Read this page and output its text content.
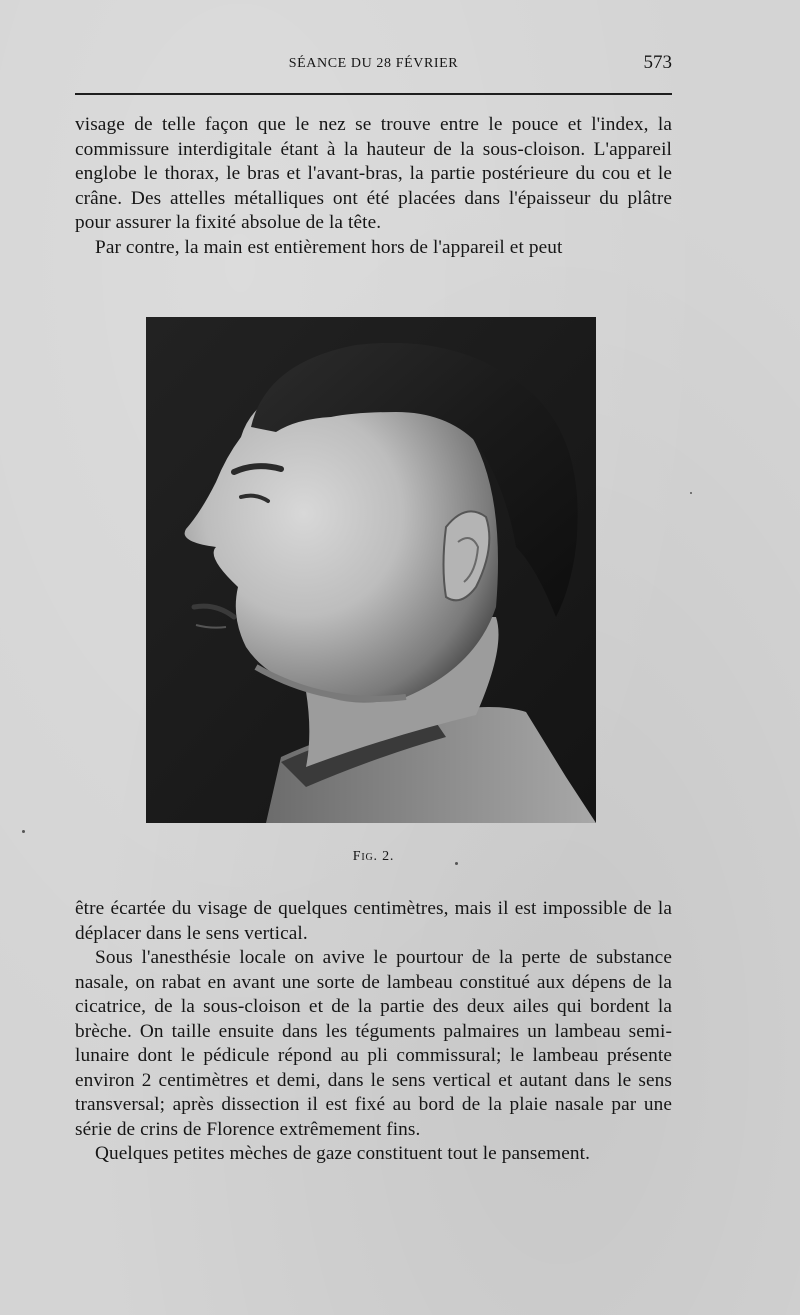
SÉANCE DU 28 FÉVRIER	573

visage de telle façon que le nez se trouve entre le pouce et l'index, la commissure interdigitale étant à la hauteur de la sous-cloison. L'appareil englobe le thorax, le bras et l'avant-bras, la partie postérieure du cou et le crâne. Des attelles métalliques ont été placées dans l'épaisseur du plâtre pour assurer la fixité absolue de la tête.

Par contre, la main est entièrement hors de l'appareil et peut

Fig. 2.

être écartée du visage de quelques centimètres, mais il est impossible de la déplacer dans le sens vertical.

Sous l'anesthésie locale on avive le pourtour de la perte de substance nasale, on rabat en avant une sorte de lambeau constitué aux dépens de la cicatrice, de la sous-cloison et de la partie des deux ailes qui bordent la brèche. On taille ensuite dans les téguments palmaires un lambeau semi-lunaire dont le pédicule répond au pli commissural; le lambeau présente environ 2 centimètres et demi, dans le sens vertical et autant dans le sens transversal; après dissection il est fixé au bord de la plaie nasale par une série de crins de Florence extrêmement fins.

Quelques petites mèches de gaze constituent tout le pansement.
